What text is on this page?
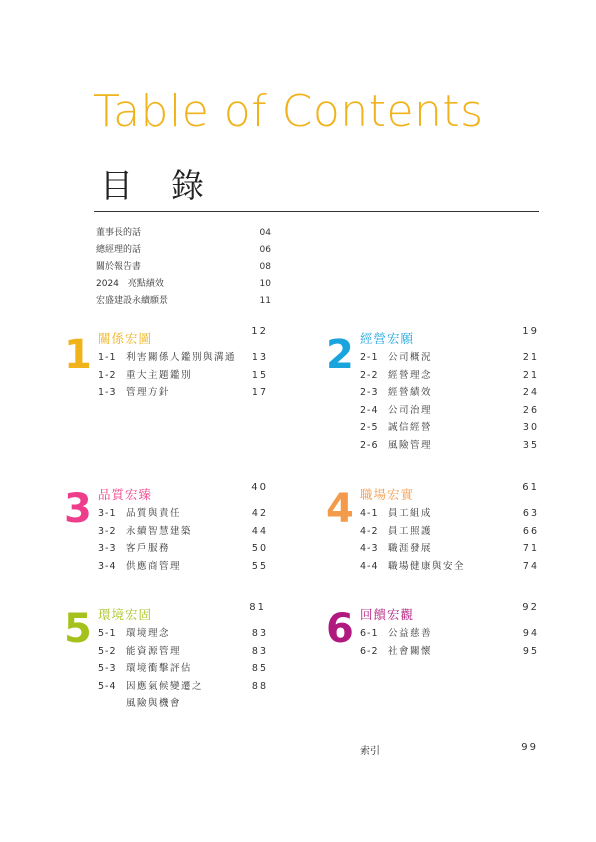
Table of Contents
目錄
董事長的話	04
總經理的話	06
關於報告書	08
2024　亮點績效	10
宏盛建設永續願景	11
1 關係宏圖	12
1-1 利害關係人鑑別與溝通 13
1-2 重大主題鑑別	15
1-3 管理方針	17
2 經營宏願	19
2-1 公司概況	21
2-2 經營理念	21
2-3 經營績效	24
2-4 公司治理	26
2-5 誠信經營	30
2-6 風險管理	35
3 品質宏臻	40
3-1 品質與責任	42
3-2 永續智慧建築	44
3-3 客戶服務	50
3-4 供應商管理	55
4 職場宏實	61
4-1 員工組成	63
4-2 員工照護	66
4-3 職涯發展	71
4-4 職場健康與安全	74
5 環境宏固	81
5-1 環境理念	83
5-2 能資源管理	83
5-3 環境衝擊評估	85
5-4 因應氣候變遷之	88
風險與機會
6 回饋宏觀	92
6-1 公益慈善	94
6-2 社會關懷	95
索引	99
